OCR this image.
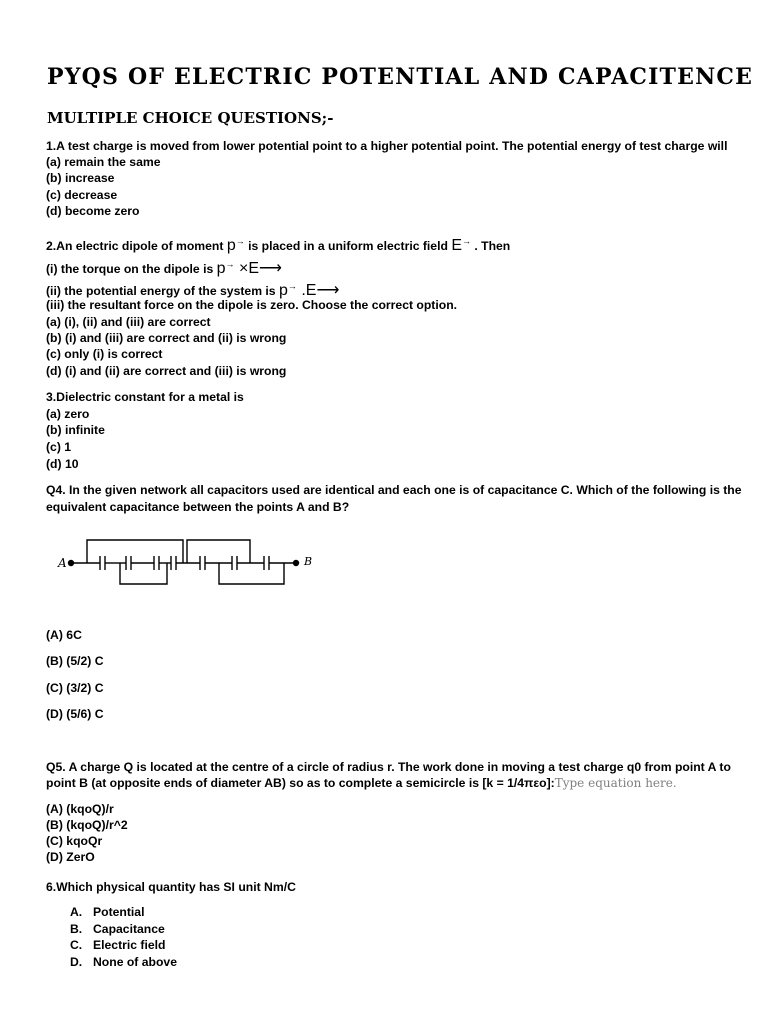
PYQS OF ELECTRIC POTENTIAL AND CAPACITENCE
MULTIPLE CHOICE QUESTIONS;-
1.A test charge is moved from lower potential point to a higher potential point. The potential energy of test charge will
(a) remain the same
(b) increase
(c) decrease
(d) become zero
2.An electric dipole of moment p→ is placed in a uniform electric field E→ . Then
(i) the torque on the dipole is p→ ×E⟶
(ii) the potential energy of the system is p→ .E⟶
(iii) the resultant force on the dipole is zero. Choose the correct option.
(a) (i), (ii) and (iii) are correct
(b) (i) and (iii) are correct and (ii) is wrong
(c) only (i) is correct
(d) (i) and (ii) are correct and (iii) is wrong
3.Dielectric constant for a metal is
(a) zero
(b) infinite
(c) 1
(d) 10
Q4. In the given network all capacitors used are identical and each one is of capacitance C. Which of the following is the
equivalent capacitance between the points A and B?
A	B
(A) 6C
(B) (5/2) C
(C) (3/2) C
(D) (5/6) C
Q5. A charge Q is located at the centre of a circle of radius r. The work done in moving a test charge q0 from point A to
point B (at opposite ends of diameter AB) so as to complete a semicircle is [k = 1/4πεo]:Type equation here.
(A) (kqoQ)/r
(B) (kqoQ)/r^2
(C) kqoQr
(D) ZerO
6.Which physical quantity has SI unit Nm/C
A. Potential
B. Capacitance
C. Electric field
D. None of above
